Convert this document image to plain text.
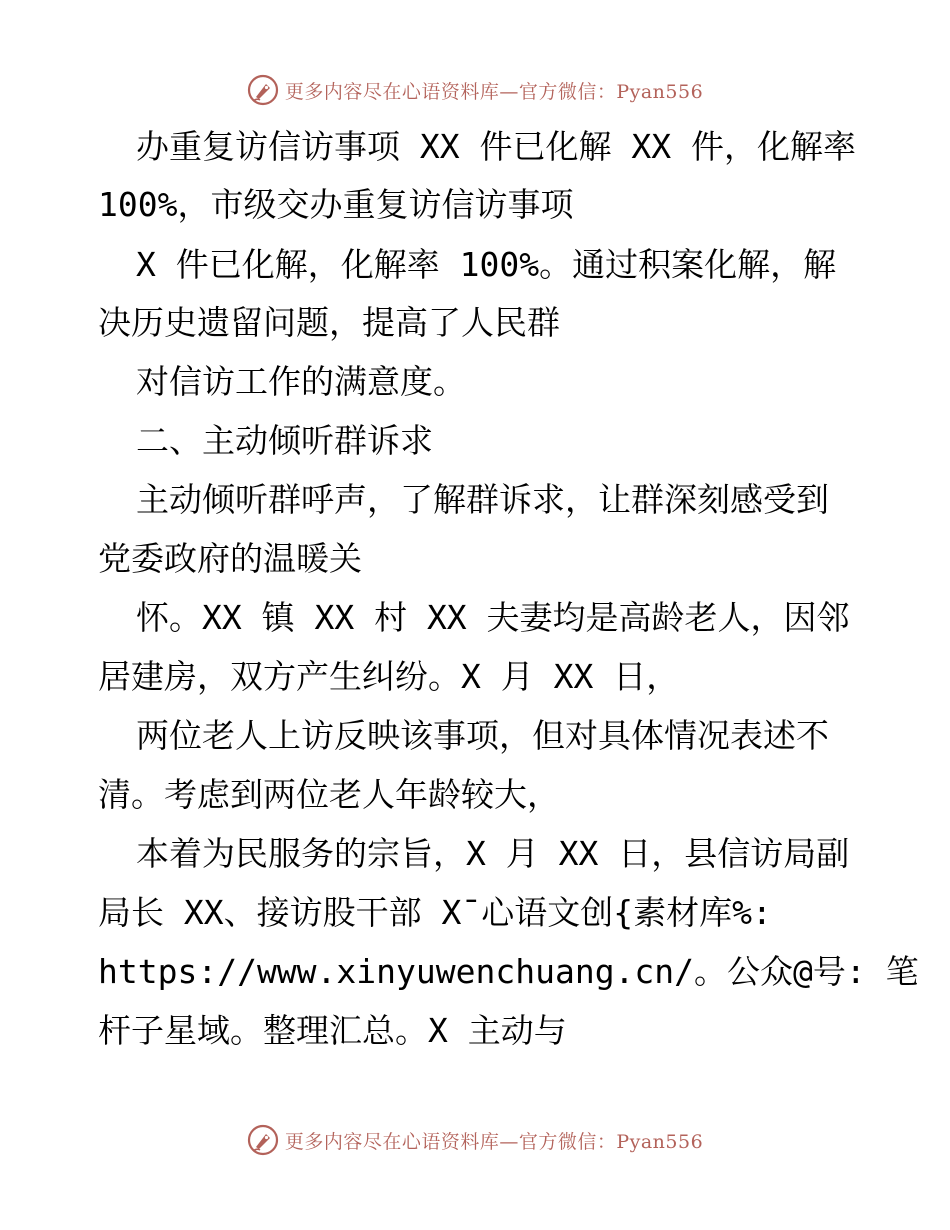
更多内容尽在心语资料库—官方微信：Pyan556
办重复访信访事项 XX 件已化解 XX 件，化解率
100%，市级交办重复访信访事项
X 件已化解，化解率 100%。通过积案化解，解
决历史遗留问题，提高了人民群
对信访工作的满意度。
二、主动倾听群诉求
主动倾听群呼声，了解群诉求，让群深刻感受到
党委政府的温暖关
怀。XX 镇 XX 村 XX 夫妻均是高龄老人，因邻
居建房，双方产生纠纷。X 月 XX 日，
两位老人上访反映该事项，但对具体情况表述不
清。考虑到两位老人年龄较大，
本着为民服务的宗旨，X 月 XX 日，县信访局副
局长 XX、接访股干部 X¯心语文创{素材库%:
https://www.xinyuwenchuang.cn/。公众@号: 笔
杆子星域。整理汇总。X 主动与
更多内容尽在心语资料库—官方微信：Pyan556
